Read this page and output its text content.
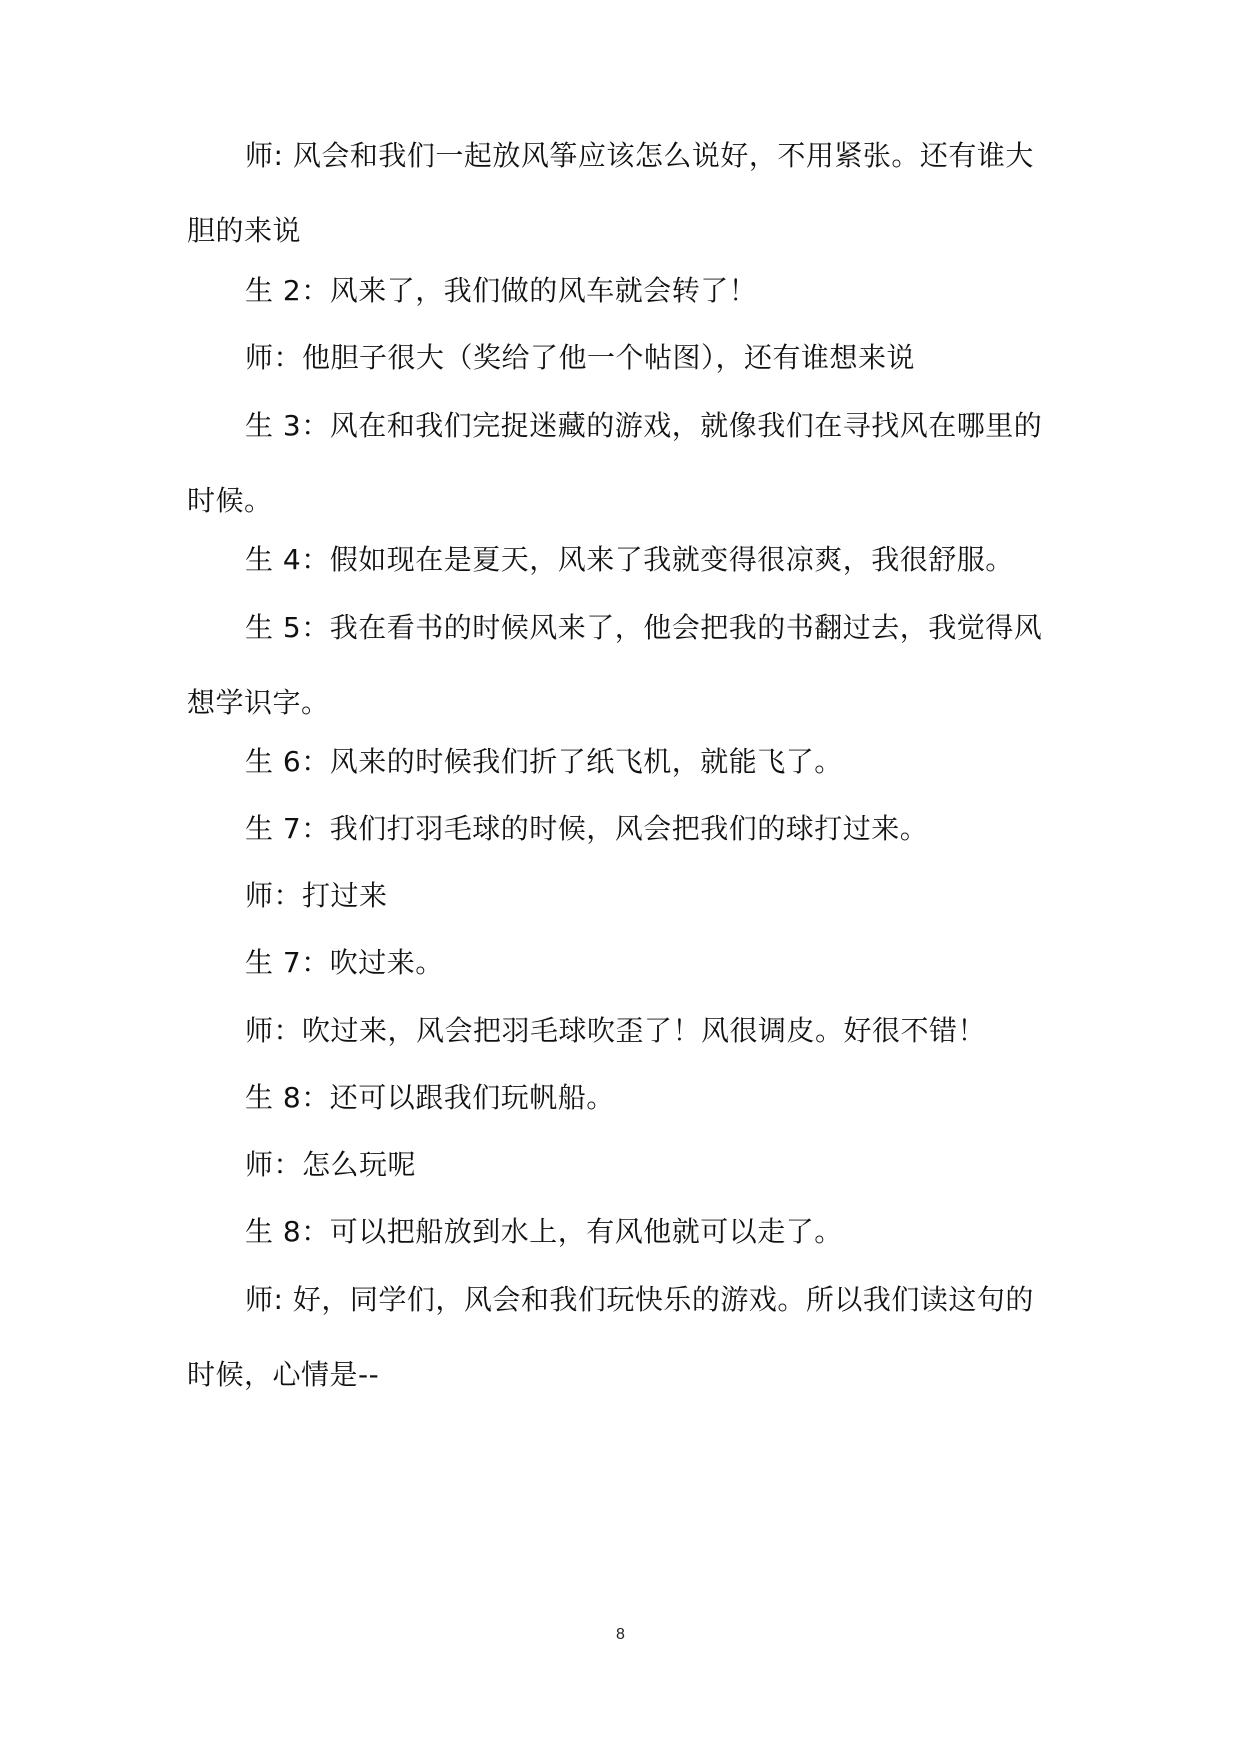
师: 风会和我们一起放风筝应该怎么说好，不用紧张。还有谁大胆的来说
生 2：风来了，我们做的风车就会转了！
师：他胆子很大（奖给了他一个帖图），还有谁想来说
生 3：风在和我们完捉迷藏的游戏，就像我们在寻找风在哪里的时候。
生 4：假如现在是夏天，风来了我就变得很凉爽，我很舒服。
生 5：我在看书的时候风来了，他会把我的书翻过去，我觉得风想学识字。
生 6：风来的时候我们折了纸飞机，就能飞了。
生 7：我们打羽毛球的时候，风会把我们的球打过来。
师：打过来
生 7：吹过来。
师：吹过来，风会把羽毛球吹歪了！风很调皮。好很不错！
生 8：还可以跟我们玩帆船。
师：怎么玩呢
生 8：可以把船放到水上，有风他就可以走了。
师: 好，同学们，风会和我们玩快乐的游戏。所以我们读这句的时候，心情是--
8
